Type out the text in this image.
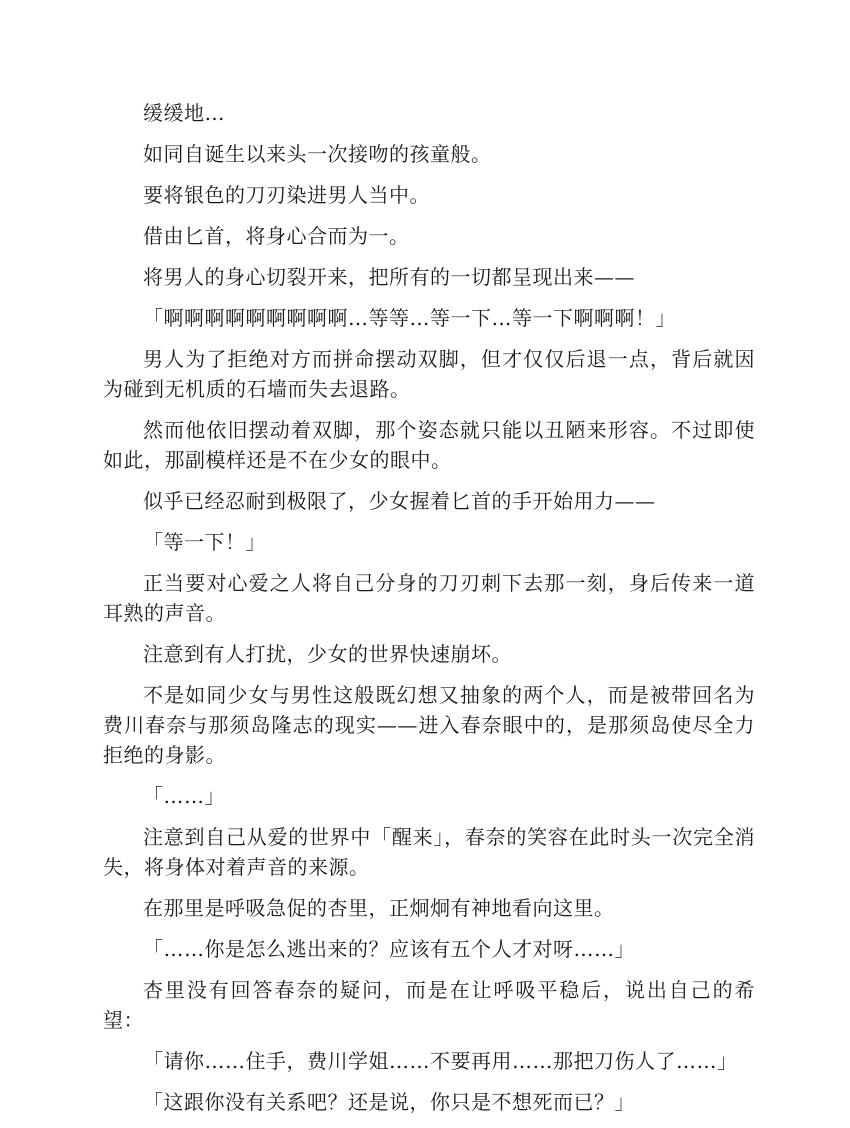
缓缓地…

如同自诞生以来头一次接吻的孩童般。

要将银色的刀刃染进男人当中。

借由匕首，将身心合而为一。

将男人的身心切裂开来，把所有的一切都呈现出来——

「啊啊啊啊啊啊啊啊啊…等等…等一下…等一下啊啊啊！」

男人为了拒绝对方而拼命摆动双脚，但才仅仅后退一点，背后就因为碰到无机质的石墙而失去退路。

然而他依旧摆动着双脚，那个姿态就只能以丑陋来形容。不过即使如此，那副模样还是不在少女的眼中。

似乎已经忍耐到极限了，少女握着匕首的手开始用力——

「等一下！」

正当要对心爱之人将自己分身的刀刃刺下去那一刻，身后传来一道耳熟的声音。

注意到有人打扰，少女的世界快速崩坏。

不是如同少女与男性这般既幻想又抽象的两个人，而是被带回名为费川春奈与那须岛隆志的现实——进入春奈眼中的，是那须岛使尽全力拒绝的身影。

「……」

注意到自己从爱的世界中「醒来」，春奈的笑容在此时头一次完全消失，将身体对着声音的来源。

在那里是呼吸急促的杏里，正炯炯有神地看向这里。

「……你是怎么逃出来的？应该有五个人才对呀……」

杏里没有回答春奈的疑问，而是在让呼吸平稳后，说出自己的希望：

「请你……住手，费川学姐……不要再用……那把刀伤人了……」

「这跟你没有关系吧？还是说，你只是不想死而已？」
